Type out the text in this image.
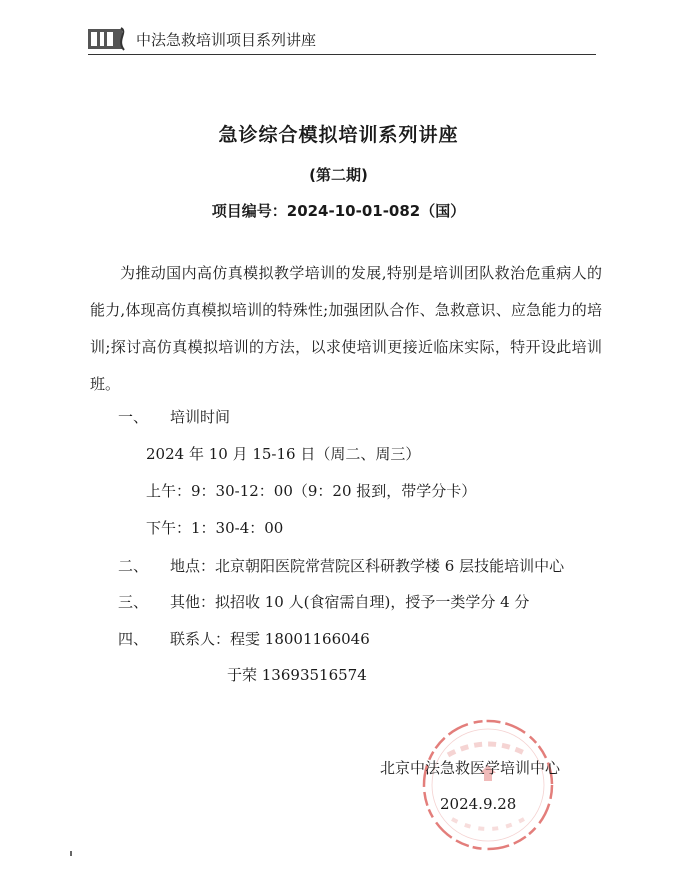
中法急救培训项目系列讲座
急诊综合模拟培训系列讲座
(第二期)
项目编号：2024-10-01-082（国）
为推动国内高仿真模拟教学培训的发展,特别是培训团队救治危重病人的能力,体现高仿真模拟培训的特殊性;加强团队合作、急救意识、应急能力的培训;探讨高仿真模拟培训的方法，以求使培训更接近临床实际，特开设此培训班。
一、 培训时间
2024 年 10 月 15-16 日（周二、周三）
上午：9：30-12：00（9：20 报到，带学分卡）
下午：1：30-4：00
二、 地点：北京朝阳医院常营院区科研教学楼 6 层技能培训中心
三、 其他：拟招收 10 人(食宿需自理)，授予一类学分 4 分
四、 联系人：程雯 18001166046
于荣 13693516574
北京中法急救医学培训中心
2024.9.28
